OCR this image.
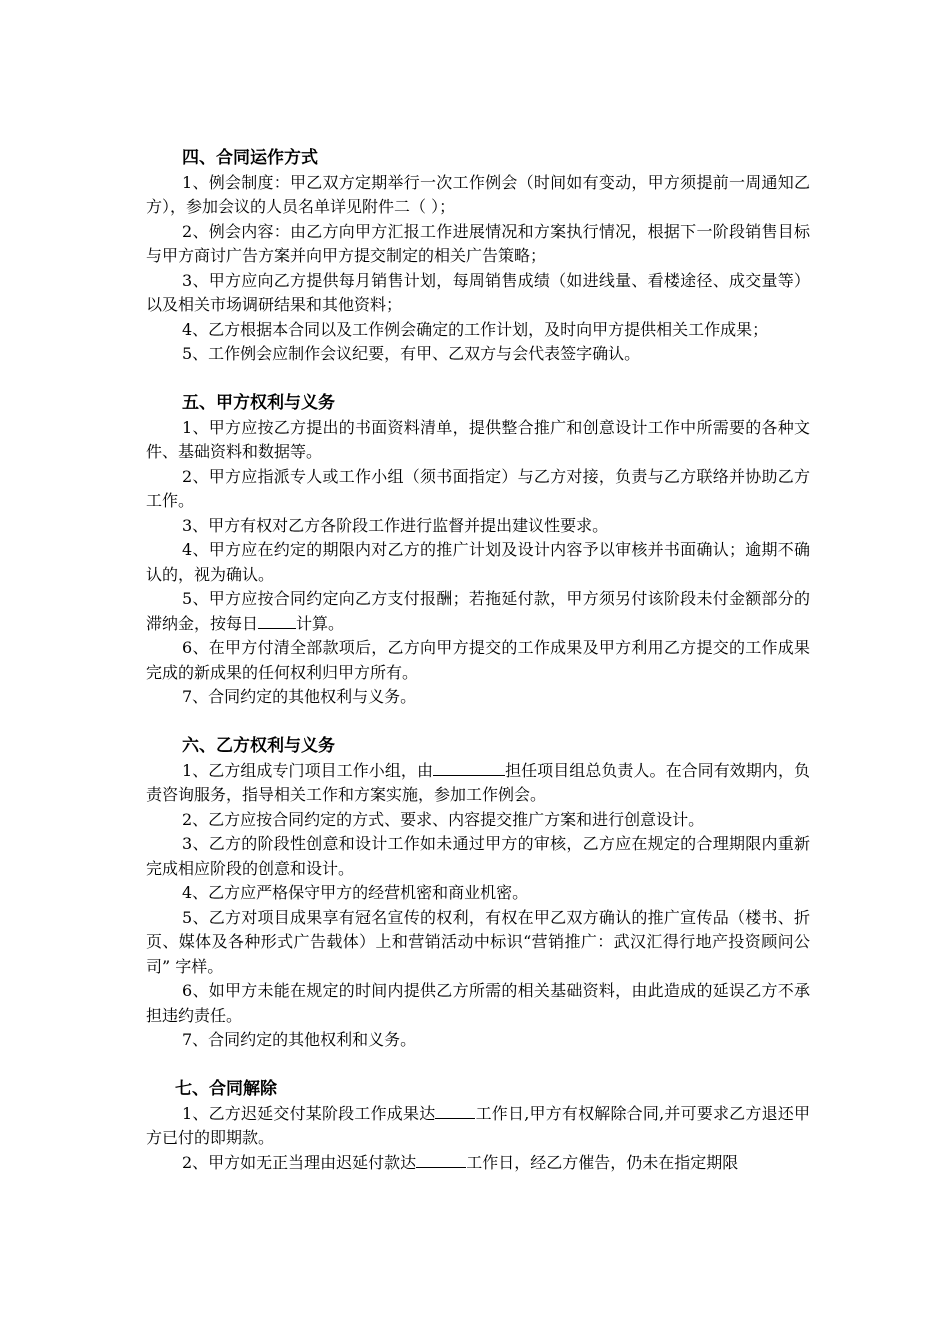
四、合同运作方式
1、例会制度：甲乙双方定期举行一次工作例会（时间如有变动，甲方须提前一周通知乙方），参加会议的人员名单详见附件二（ ）；
2、例会内容：由乙方向甲方汇报工作进展情况和方案执行情况，根据下一阶段销售目标与甲方商讨广告方案并向甲方提交制定的相关广告策略；
3、甲方应向乙方提供每月销售计划，每周销售成绩（如进线量、看楼途径、成交量等）以及相关市场调研结果和其他资料；
4、乙方根据本合同以及工作例会确定的工作计划，及时向甲方提供相关工作成果；
5、工作例会应制作会议纪要，有甲、乙双方与会代表签字确认。
五、甲方权利与义务
1、甲方应按乙方提出的书面资料清单，提供整合推广和创意设计工作中所需要的各种文件、基础资料和数据等。
2、甲方应指派专人或工作小组（须书面指定）与乙方对接，负责与乙方联络并协助乙方工作。
3、甲方有权对乙方各阶段工作进行监督并提出建议性要求。
4、甲方应在约定的期限内对乙方的推广计划及设计内容予以审核并书面确认；逾期不确认的，视为确认。
5、甲方应按合同约定向乙方支付报酬；若拖延付款，甲方须另付该阶段未付金额部分的滞纳金，按每日 计算。
6、在甲方付清全部款项后，乙方向甲方提交的工作成果及甲方利用乙方提交的工作成果完成的新成果的任何权利归甲方所有。
7、合同约定的其他权利与义务。
六、乙方权利与义务
1、乙方组成专门项目工作小组，由	担任项目组总负责人。在合同有效期内，负责咨询服务，指导相关工作和方案实施，参加工作例会。
2、乙方应按合同约定的方式、要求、内容提交推广方案和进行创意设计。
3、乙方的阶段性创意和设计工作如未通过甲方的审核，乙方应在规定的合理期限内重新完成相应阶段的创意和设计。
4、乙方应严格保守甲方的经营机密和商业机密。
5、乙方对项目成果享有冠名宣传的权利，有权在甲乙双方确认的推广宣传品（楼书、折页、媒体及各种形式广告载体）上和营销活动中标识“营销推广：武汉汇得行地产投资顾问公司” 字样。
6、如甲方未能在规定的时间内提供乙方所需的相关基础资料，由此造成的延误乙方不承担违约责任。
7、合同约定的其他权利和义务。
七、合同解除
1、乙方迟延交付某阶段工作成果达	工作日,甲方有权解除合同,并可要求乙方退还甲方已付的即期款。
2、甲方如无正当理由迟延付款达	工作日，经乙方催告，仍未在指定期限
